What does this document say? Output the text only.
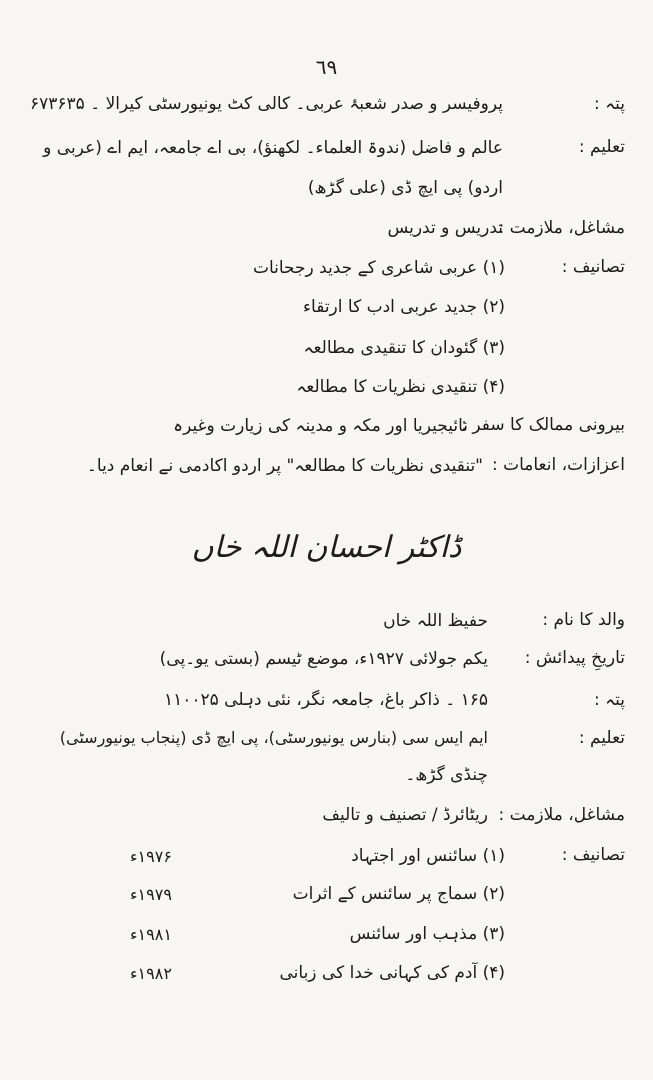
٦٩
پتہ :
پروفیسر و صدر شعبۂ عربی۔ کالی کٹ یونیورسٹی کیرالا ۔ ۶۷۳۶۳۵
تعلیم :
عالم و فاضل (ندوۃ العلماء۔ لکھنؤ)، بی اے جامعہ، ایم اے (عربی و
اردو) پی ایچ ڈی (علی گڑھ)
مشاغل، ملازمت :
تدریس و تدریس
تصانیف :
(۱) عربی شاعری کے جدید رجحانات
(۲) جدید عربی ادب کا ارتقاء
(۳) گئودان کا تنقیدی مطالعہ
(۴) تنقیدی نظریات کا مطالعہ
بیرونی ممالک کا سفر :
نائیجیریا اور مکہ و مدینہ کی زیارت وغیرہ
اعزازات، انعامات :
"تنقیدی نظریات کا مطالعہ" پر اردو اکادمی نے انعام دیا۔
ڈاکٹر احسان اللہ خاں
والد کا نام :
حفیظ اللہ خاں
تاریخِ پیدائش :
یکم جولائی ۱۹۲۷ء، موضع ٹیسم (بستی یو۔پی)
پتہ :
۱۶۵ ۔ ذاکر باغ، جامعہ نگر، نئی دہلی ۱۱۰۰۲۵
تعلیم :
ایم ایس سی (بنارس یونیورسٹی)، پی ایچ ڈی (پنجاب یونیورسٹی)
چنڈی گڑھ۔
مشاغل، ملازمت :
ریٹائرڈ / تصنیف و تالیف
تصانیف :
(۱) سائنس اور اجتہاد
۱۹۷۶ء
(۲) سماج پر سائنس کے اثرات
۱۹۷۹ء
(۳) مذہب اور سائنس
۱۹۸۱ء
(۴) آدم کی کہانی خدا کی زبانی
۱۹۸۲ء
